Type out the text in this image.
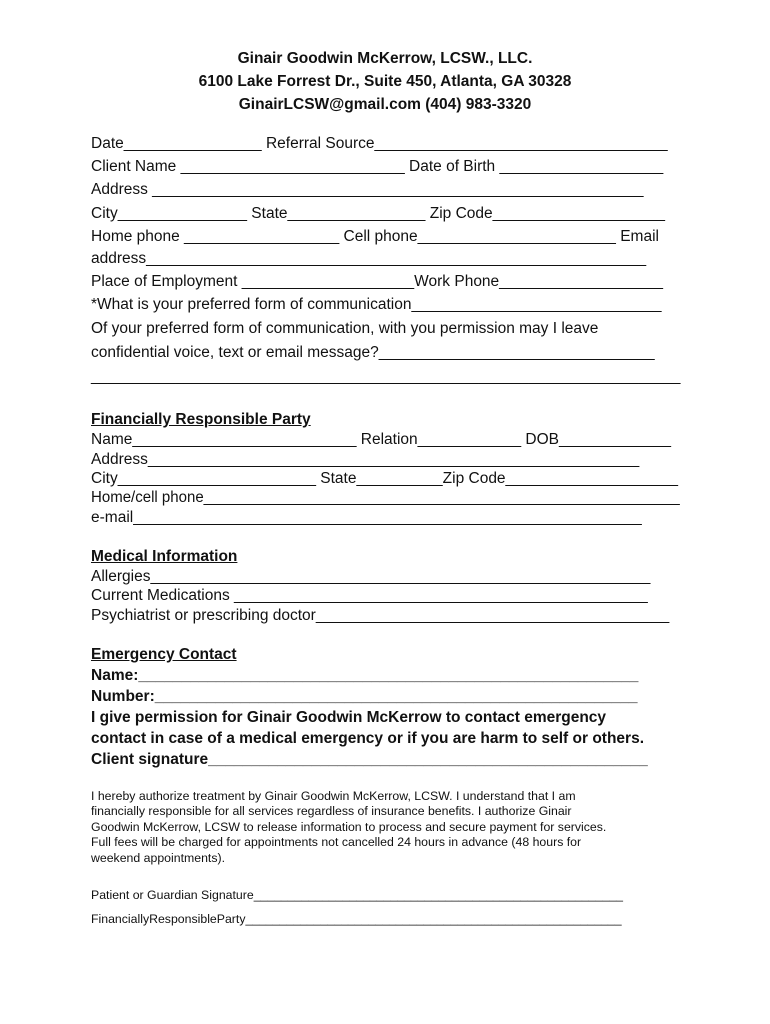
Ginair Goodwin McKerrow, LCSW., LLC.
6100 Lake Forrest Dr., Suite 450, Atlanta, GA 30328
GinairLCSW@gmail.com (404) 983-3320
Date________________ Referral Source__________________________________
Client Name __________________________ Date of Birth ___________________
Address _________________________________________________________
City_______________ State________________ Zip Code____________________
Home phone __________________ Cell phone_______________________ Email
address__________________________________________________________
Place of Employment ____________________Work Phone___________________
*What is your preferred form of communication_____________________________
Of your preferred form of communication, with you permission may I leave
confidential voice, text or email message?________________________________
______________________________________________________________________
Financially Responsible Party
Name__________________________ Relation____________ DOB_____________
Address_________________________________________________________
City_______________________ State__________Zip Code____________________
Home/cell phone_________________________________________________________
e-mail___________________________________________________________
Medical Information
Allergies__________________________________________________________
Current Medications ________________________________________________
Psychiatrist or prescribing doctor_________________________________________
Emergency Contact
Name:__________________________________________________________
Number:________________________________________________________
I give permission for Ginair Goodwin McKerrow to contact emergency
contact in case of a medical emergency or if you are harm to self or others.
Client signature___________________________________________________

I hereby authorize treatment by Ginair Goodwin McKerrow, LCSW. I understand that I am

financially responsible for all services regardless of insurance benefits. I authorize Ginair

Goodwin McKerrow, LCSW to release information to process and secure payment for services.

Full fees will be charged for appointments not cancelled 24 hours in advance (48 hours for

weekend appointments).

Patient or Guardian Signature______________________________________________________
FinanciallyResponsibleParty_______________________________________________________
